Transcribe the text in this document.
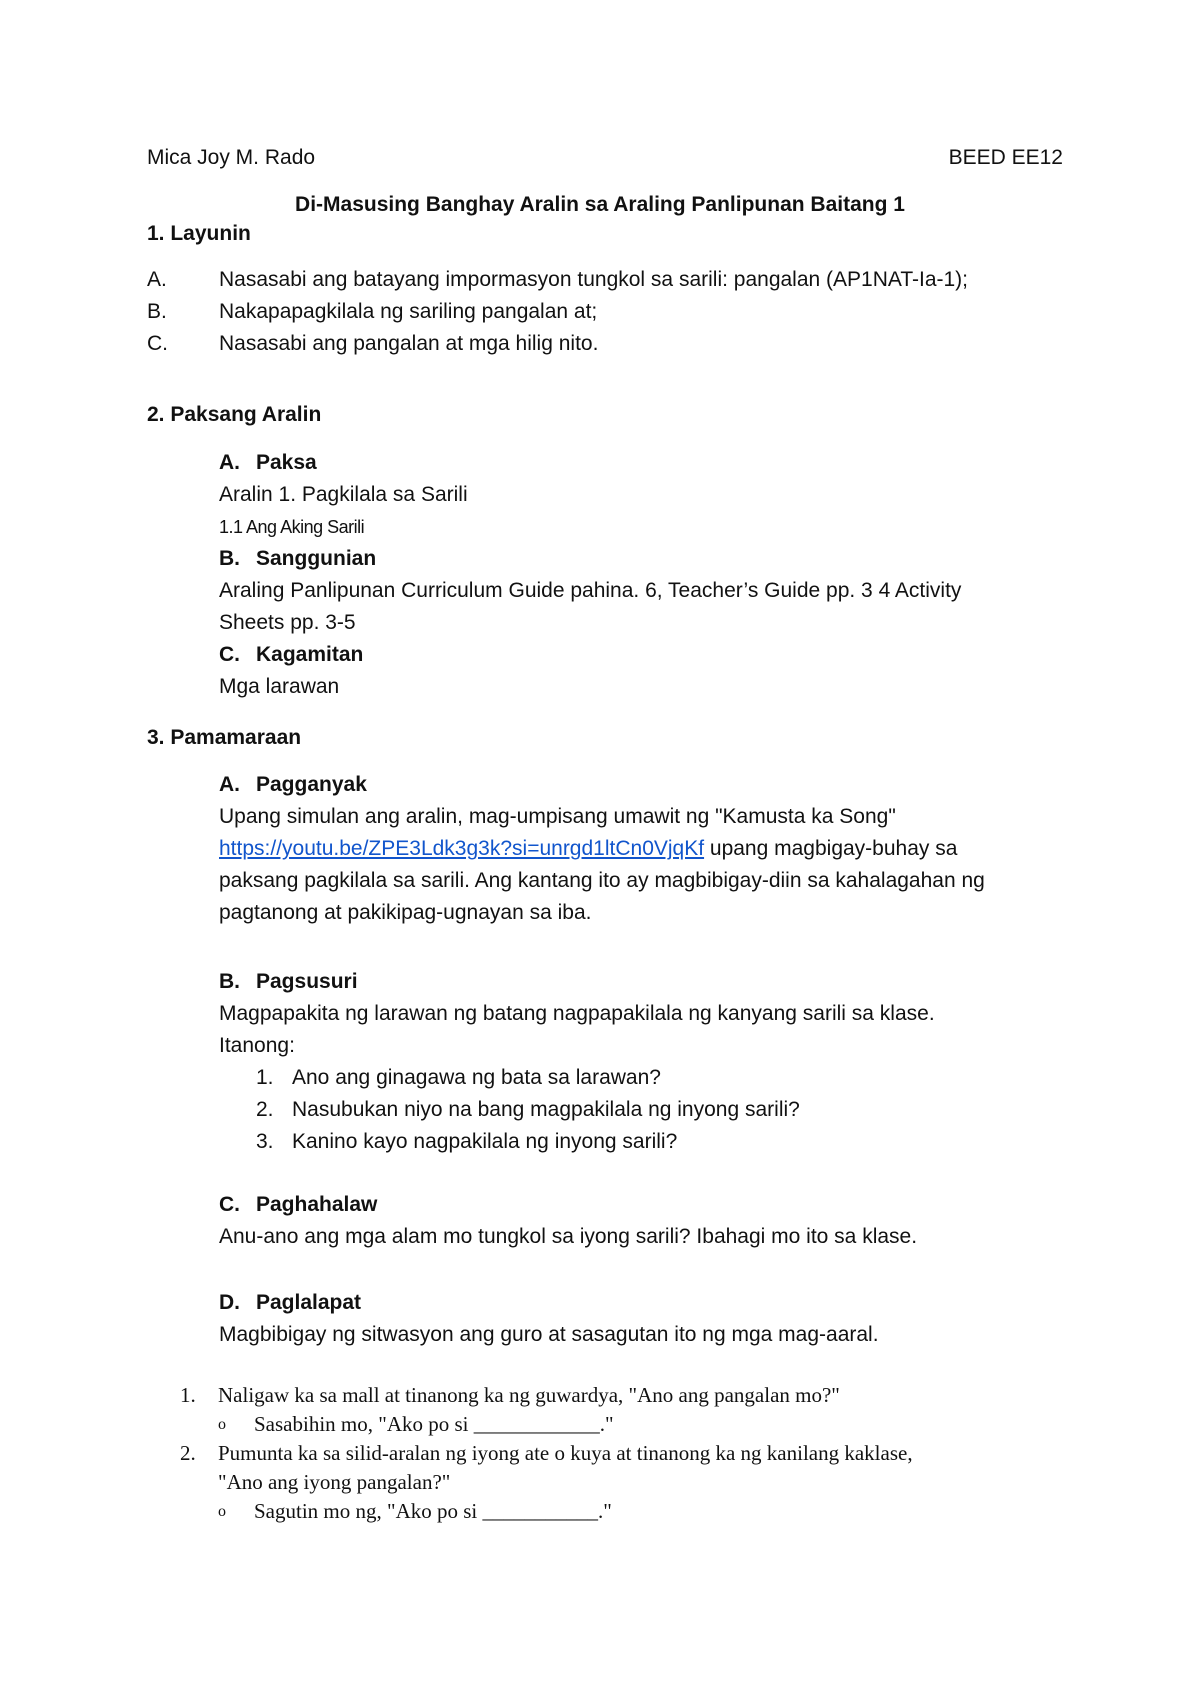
Mica Joy M. Rado	BEED EE12
Di-Masusing Banghay Aralin sa Araling Panlipunan Baitang 1
1. Layunin
A.	Nasasabi ang batayang impormasyon tungkol sa sarili: pangalan (AP1NAT-Ia-1);
B.	Nakapapagkilala ng sariling pangalan at;
C.	Nasasabi ang pangalan at mga hilig nito.
2. Paksang Aralin
A. Paksa
Aralin 1. Pagkilala sa Sarili
1.1 Ang Aking Sarili
B. Sanggunian
Araling Panlipunan Curriculum Guide pahina. 6, Teacher’s Guide pp. 3 4 Activity
Sheets pp. 3-5
C. Kagamitan
Mga larawan
3. Pamamaraan
A. Pagganyak
Upang simulan ang aralin, mag-umpisang umawit ng "Kamusta ka Song"
https://youtu.be/ZPE3Ldk3g3k?si=unrgd1ltCn0VjqKf upang magbigay-buhay sa
paksang pagkilala sa sarili. Ang kantang ito ay magbibigay-diin sa kahalagahan ng
pagtanong at pakikipag-ugnayan sa iba.
B. Pagsusuri
Magpapakita ng larawan ng batang nagpapakilala ng kanyang sarili sa klase.
Itanong:
1. Ano ang ginagawa ng bata sa larawan?
2. Nasubukan niyo na bang magpakilala ng inyong sarili?
3. Kanino kayo nagpakilala ng inyong sarili?
C. Paghahalaw
Anu-ano ang mga alam mo tungkol sa iyong sarili? Ibahagi mo ito sa klase.
D. Paglalapat
Magbibigay ng sitwasyon ang guro at sasagutan ito ng mga mag-aaral.
1.	Naligaw ka sa mall at tinanong ka ng guwardya, "Ano ang pangalan mo?"
o	Sasabihin mo, "Ako po si ____________."
2.	Pumunta ka sa silid-aralan ng iyong ate o kuya at tinanong ka ng kanilang kaklase,
"Ano ang iyong pangalan?"
o	Sagutin mo ng, "Ako po si ___________."
